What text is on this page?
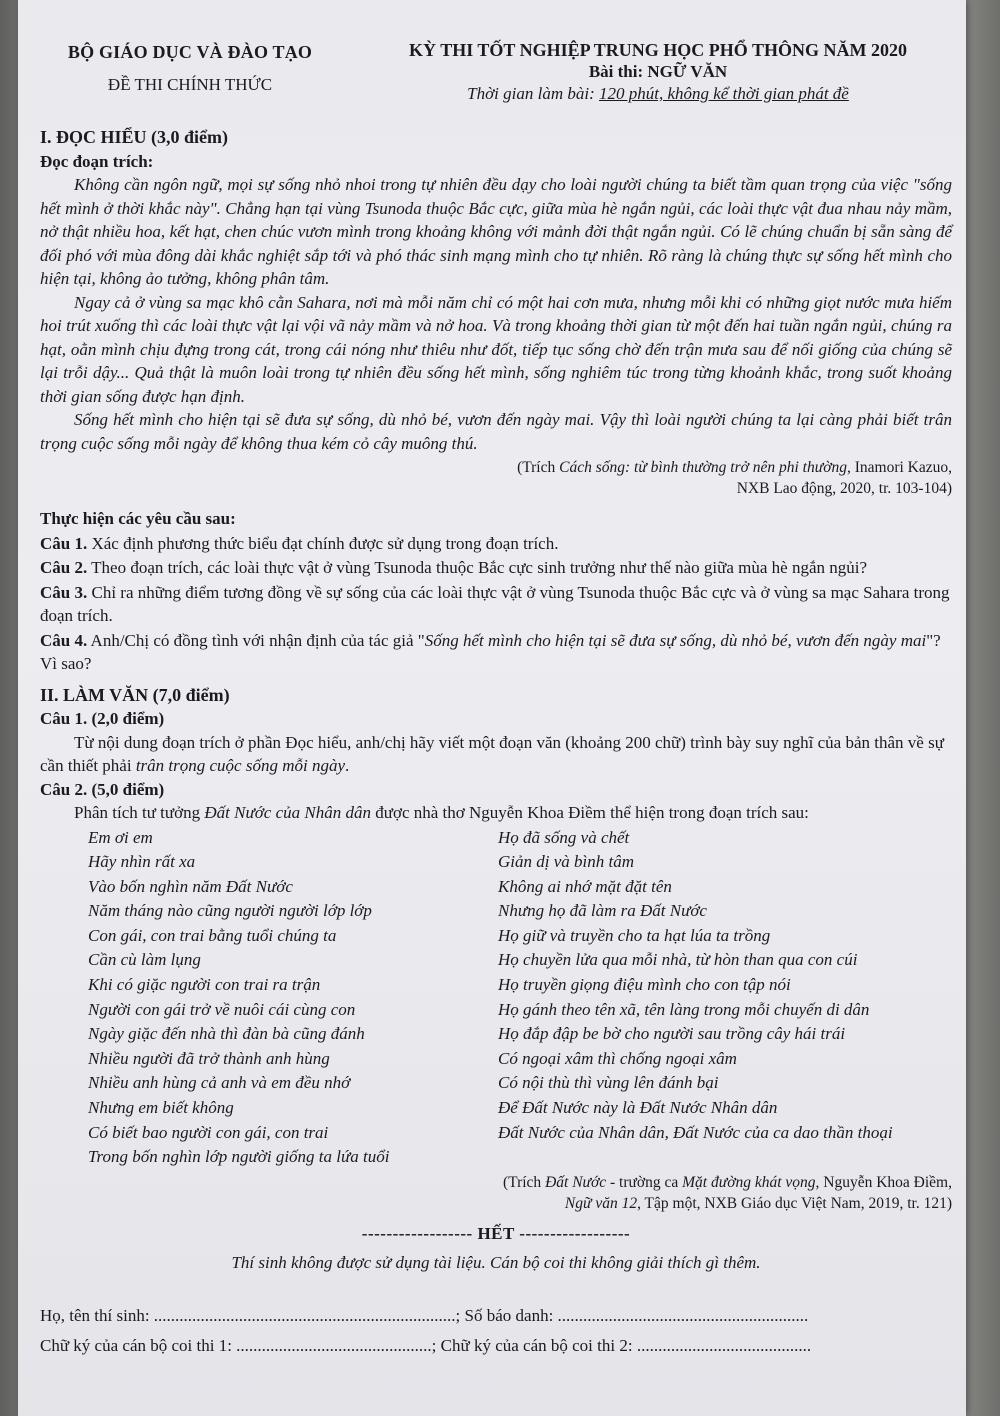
BỘ GIÁO DỤC VÀ ĐÀO TẠO
ĐỀ THI CHÍNH THỨC
KỲ THI TỐT NGHIỆP TRUNG HỌC PHỔ THÔNG NĂM 2020
Bài thi: NGỮ VĂN
Thời gian làm bài: 120 phút, không kể thời gian phát đề
I. ĐỌC HIỂU (3,0 điểm)
Đọc đoạn trích:
Không cần ngôn ngữ, mọi sự sống nhỏ nhoi trong tự nhiên đều dạy cho loài người chúng ta biết tầm quan trọng của việc "sống hết mình ở thời khắc này". Chẳng hạn tại vùng Tsunoda thuộc Bắc cực, giữa mùa hè ngắn ngủi, các loài thực vật đua nhau nảy mầm, nở thật nhiều hoa, kết hạt, chen chúc vươn mình trong khoảng không với mảnh đời thật ngắn ngủi. Có lẽ chúng chuẩn bị sẵn sàng để đối phó với mùa đông dài khắc nghiệt sắp tới và phó thác sinh mạng mình cho tự nhiên. Rõ ràng là chúng thực sự sống hết mình cho hiện tại, không ảo tưởng, không phân tâm.
Ngay cả ở vùng sa mạc khô cằn Sahara, nơi mà mỗi năm chỉ có một hai cơn mưa, nhưng mỗi khi có những giọt nước mưa hiếm hoi trút xuống thì các loài thực vật lại vội vã nảy mầm và nở hoa. Và trong khoảng thời gian từ một đến hai tuần ngắn ngủi, chúng ra hạt, oằn mình chịu đựng trong cát, trong cái nóng như thiêu như đốt, tiếp tục sống chờ đến trận mưa sau để nối giống của chúng sẽ lại trỗi dậy... Quả thật là muôn loài trong tự nhiên đều sống hết mình, sống nghiêm túc trong từng khoảnh khắc, trong suốt khoảng thời gian sống được hạn định.
Sống hết mình cho hiện tại sẽ đưa sự sống, dù nhỏ bé, vươn đến ngày mai. Vậy thì loài người chúng ta lại càng phải biết trân trọng cuộc sống mỗi ngày để không thua kém cỏ cây muông thú.
(Trích Cách sống: từ bình thường trở nên phi thường, Inamori Kazuo,
NXB Lao động, 2020, tr. 103-104)
Thực hiện các yêu cầu sau:
Câu 1. Xác định phương thức biểu đạt chính được sử dụng trong đoạn trích.
Câu 2. Theo đoạn trích, các loài thực vật ở vùng Tsunoda thuộc Bắc cực sinh trưởng như thế nào giữa mùa hè ngắn ngủi?
Câu 3. Chỉ ra những điểm tương đồng về sự sống của các loài thực vật ở vùng Tsunoda thuộc Bắc cực và ở vùng sa mạc Sahara trong đoạn trích.
Câu 4. Anh/Chị có đồng tình với nhận định của tác giả "Sống hết mình cho hiện tại sẽ đưa sự sống, dù nhỏ bé, vươn đến ngày mai"? Vì sao?
II. LÀM VĂN (7,0 điểm)
Câu 1. (2,0 điểm)
Từ nội dung đoạn trích ở phần Đọc hiểu, anh/chị hãy viết một đoạn văn (khoảng 200 chữ) trình bày suy nghĩ của bản thân về sự cần thiết phải trân trọng cuộc sống mỗi ngày.
Câu 2. (5,0 điểm)
Phân tích tư tưởng Đất Nước của Nhân dân được nhà thơ Nguyễn Khoa Điềm thể hiện trong đoạn trích sau:
Em ơi em
Hãy nhìn rất xa
Vào bốn nghìn năm Đất Nước
Năm tháng nào cũng người người lớp lớp
Con gái, con trai bằng tuổi chúng ta
Cần cù làm lụng
Khi có giặc người con trai ra trận
Người con gái trở về nuôi cái cùng con
Ngày giặc đến nhà thì đàn bà cũng đánh
Nhiều người đã trở thành anh hùng
Nhiều anh hùng cả anh và em đều nhớ
Nhưng em biết không
Có biết bao người con gái, con trai
Trong bốn nghìn lớp người giống ta lứa tuổi
Họ đã sống và chết
Giản dị và bình tâm
Không ai nhớ mặt đặt tên
Nhưng họ đã làm ra Đất Nước
Họ giữ và truyền cho ta hạt lúa ta trồng
Họ chuyền lửa qua mỗi nhà, từ hòn than qua con cúi
Họ truyền giọng điệu mình cho con tập nói
Họ gánh theo tên xã, tên làng trong mỗi chuyến di dân
Họ đắp đập be bờ cho người sau trồng cây hái trái
Có ngoại xâm thì chống ngoại xâm
Có nội thù thì vùng lên đánh bại
Để Đất Nước này là Đất Nước Nhân dân
Đất Nước của Nhân dân, Đất Nước của ca dao thần thoại
(Trích Đất Nước - trường ca Mặt đường khát vọng, Nguyễn Khoa Điềm,
Ngữ văn 12, Tập một, NXB Giáo dục Việt Nam, 2019, tr. 121)
------------------ HẾT ------------------
Thí sinh không được sử dụng tài liệu. Cán bộ coi thi không giải thích gì thêm.
Họ, tên thí sinh: .......................................................................; Số báo danh: ...........................................................
Chữ ký của cán bộ coi thi 1: ..............................................; Chữ ký của cán bộ coi thi 2: .........................................
